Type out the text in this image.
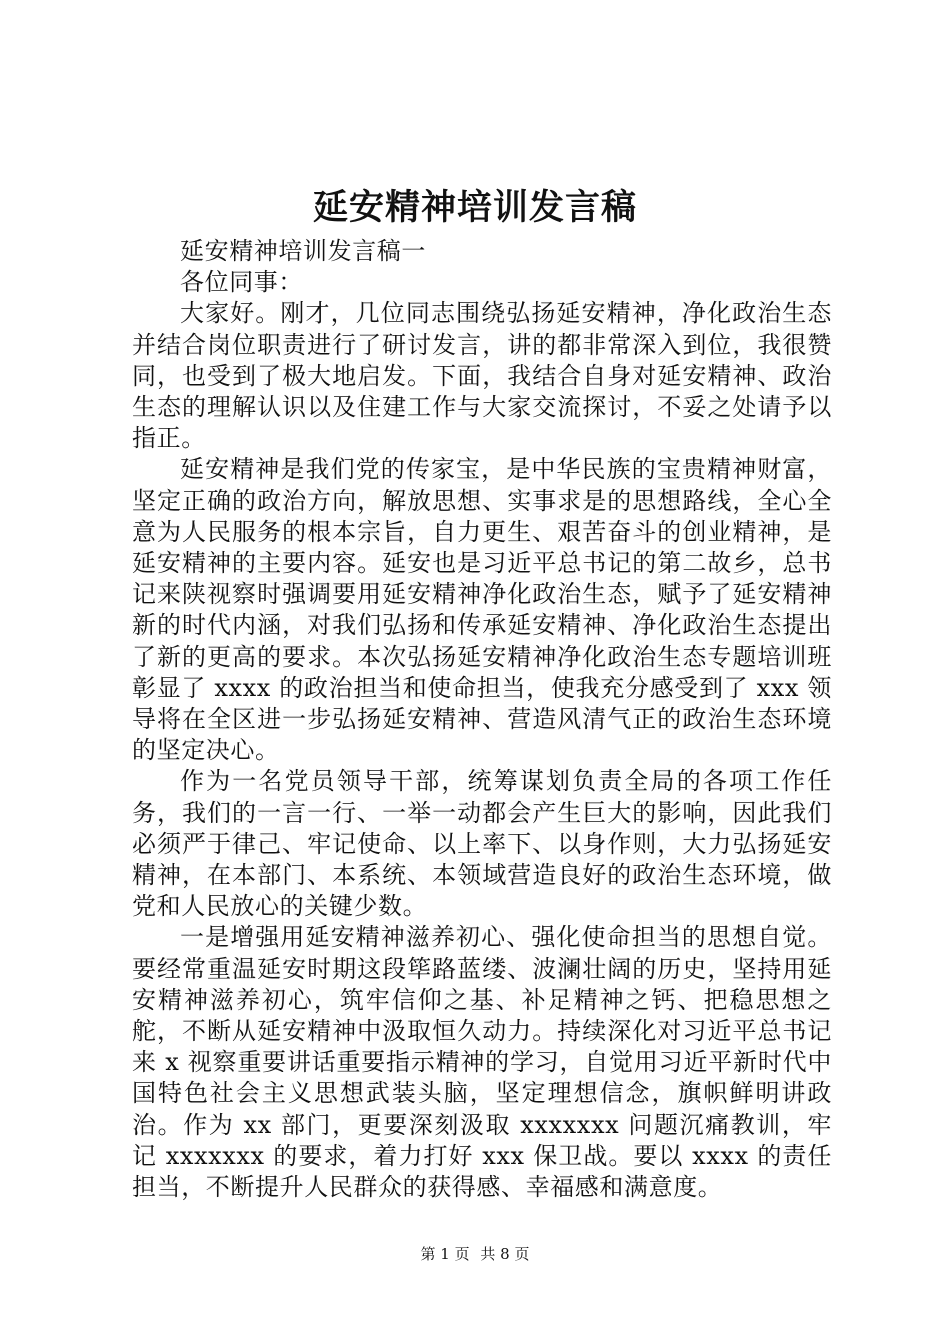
延安精神培训发言稿

延安精神培训发言稿一

各位同事：

大家好。刚才，几位同志围绕弘扬延安精神，净化政治生态并结合岗位职责进行了研讨发言，讲的都非常深入到位，我很赞同，也受到了极大地启发。下面，我结合自身对延安精神、政治生态的理解认识以及住建工作与大家交流探讨，不妥之处请予以指正。

延安精神是我们党的传家宝，是中华民族的宝贵精神财富，坚定正确的政治方向，解放思想、实事求是的思想路线，全心全意为人民服务的根本宗旨，自力更生、艰苦奋斗的创业精神，是延安精神的主要内容。延安也是习近平总书记的第二故乡，总书记来陕视察时强调要用延安精神净化政治生态，赋予了延安精神新的时代内涵，对我们弘扬和传承延安精神、净化政治生态提出了新的更高的要求。本次弘扬延安精神净化政治生态专题培训班彰显了 xxxx 的政治担当和使命担当，使我充分感受到了 xxx 领导将在全区进一步弘扬延安精神、营造风清气正的政治生态环境的坚定决心。

作为一名党员领导干部，统筹谋划负责全局的各项工作任务，我们的一言一行、一举一动都会产生巨大的影响，因此我们必须严于律己、牢记使命、以上率下、以身作则，大力弘扬延安精神，在本部门、本系统、本领域营造良好的政治生态环境，做党和人民放心的关键少数。

一是增强用延安精神滋养初心、强化使命担当的思想自觉。要经常重温延安时期这段筚路蓝缕、波澜壮阔的历史，坚持用延安精神滋养初心，筑牢信仰之基、补足精神之钙、把稳思想之舵，不断从延安精神中汲取恒久动力。持续深化对习近平总书记来 x 视察重要讲话重要指示精神的学习，自觉用习近平新时代中国特色社会主义思想武装头脑，坚定理想信念，旗帜鲜明讲政治。作为 xx 部门，更要深刻汲取 xxxxxxx 问题沉痛教训，牢记 xxxxxxx 的要求，着力打好 xxx 保卫战。要以 xxxx 的责任担当，不断提升人民群众的获得感、幸福感和满意度。

第 1 页 共 8 页
